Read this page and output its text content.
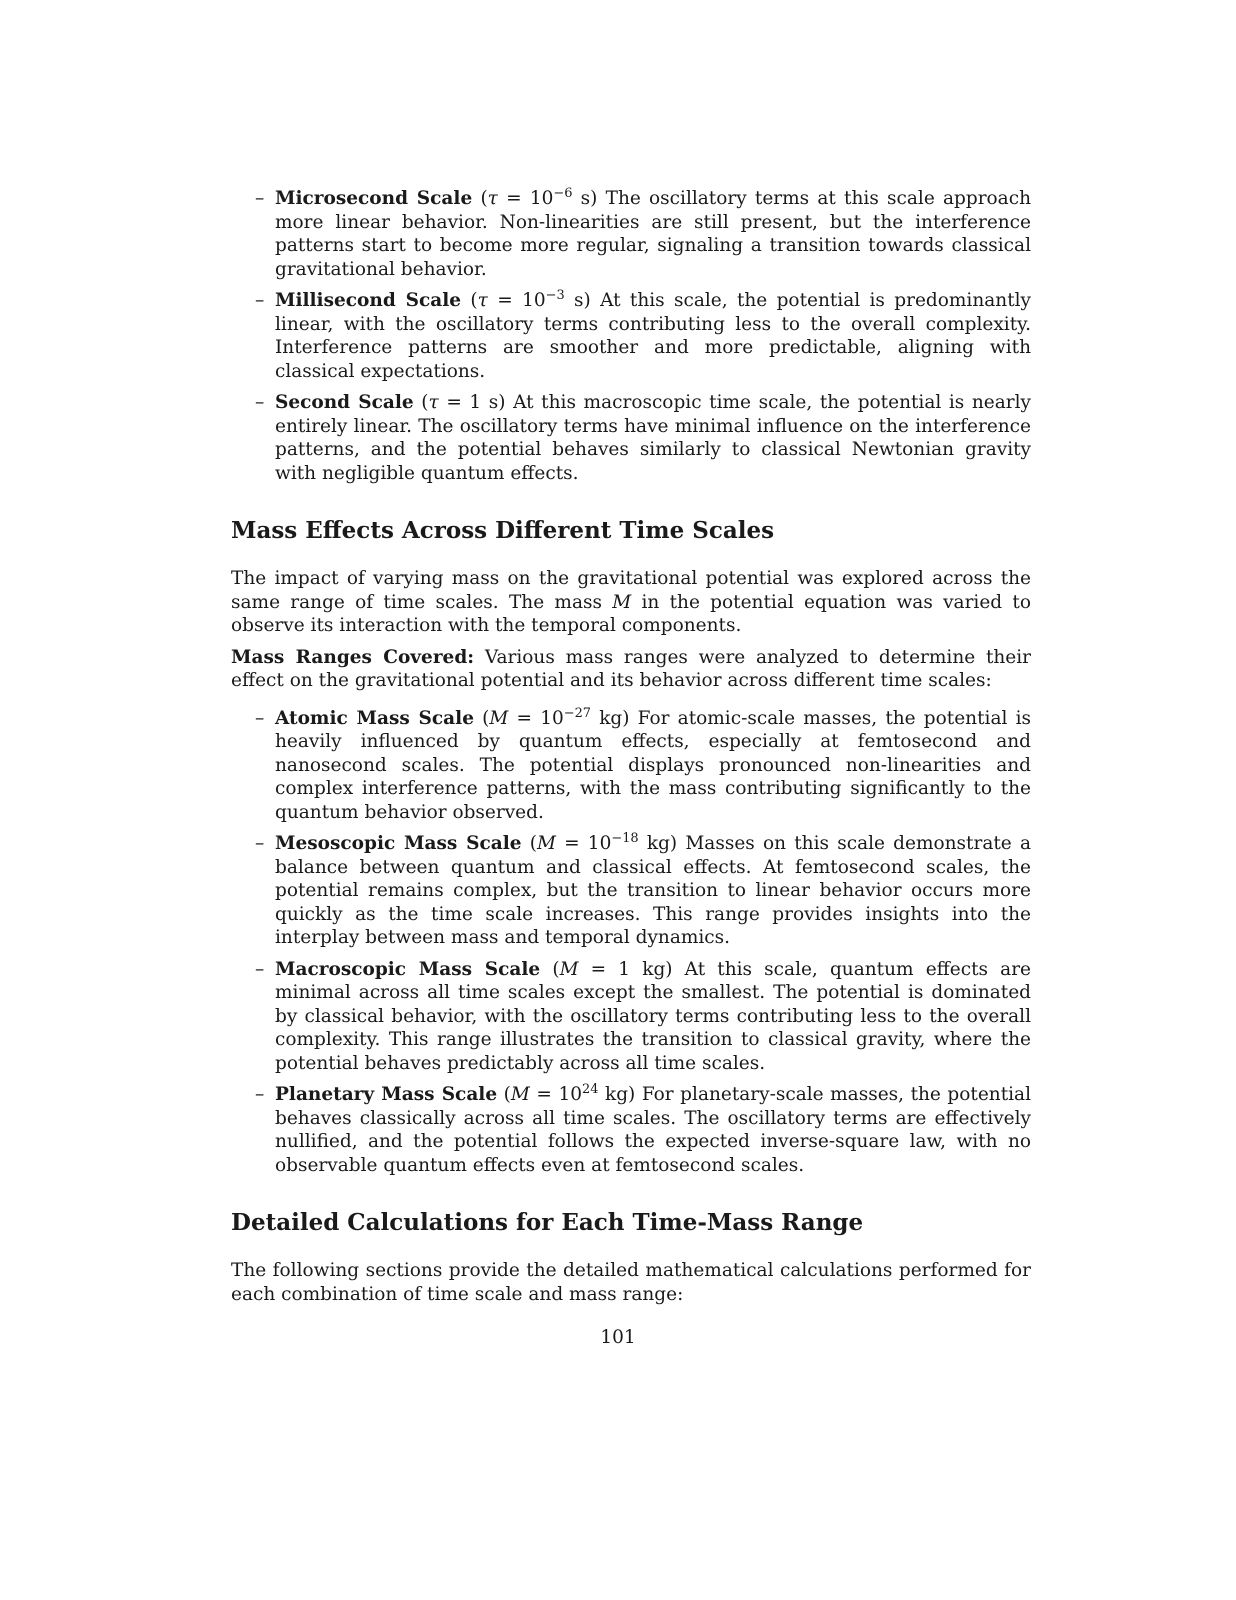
– Microsecond Scale ($\tau = 10^{-6}$ s) The oscillatory terms at this scale approach more linear behavior. Non-linearities are still present, but the interference patterns start to become more regular, signaling a transition towards classical gravitational behavior.
– Millisecond Scale ($\tau = 10^{-3}$ s) At this scale, the potential is predominantly linear, with the oscillatory terms contributing less to the overall complexity. Interference patterns are smoother and more predictable, aligning with classical expectations.
– Second Scale (τ = 1 s) At this macroscopic time scale, the potential is nearly entirely linear. The oscillatory terms have minimal influence on the interference patterns, and the potential behaves similarly to classical Newtonian gravity with negligible quantum effects.
Mass Effects Across Different Time Scales

The impact of varying mass on the gravitational potential was explored across the same range of time scales. The mass M in the potential equation was varied to observe its interaction with the temporal components.

Mass Ranges Covered: Various mass ranges were analyzed to determine their effect on the gravitational potential and its behavior across different time scales:

– Atomic Mass Scale ($M = 10^{-27}$ kg) For atomic-scale masses, the potential is heavily influenced by quantum effects, especially at femtosecond and nanosecond scales. The potential displays pronounced non-linearities and complex interference patterns, with the mass contributing significantly to the quantum behavior observed.
– Mesoscopic Mass Scale ($M = 10^{-18}$ kg) Masses on this scale demonstrate a balance between quantum and classical effects. At femtosecond scales, the potential remains complex, but the transition to linear behavior occurs more quickly as the time scale increases. This range provides insights into the interplay between mass and temporal dynamics.
– Macroscopic Mass Scale (M = 1 kg) At this scale, quantum effects are minimal across all time scales except the smallest. The potential is dominated by classical behavior, with the oscillatory terms contributing less to the overall complexity. This range illustrates the transition to classical gravity, where the potential behaves predictably across all time scales.
– Planetary Mass Scale ($M = 10^{24}$ kg) For planetary-scale masses, the potential behaves classically across all time scales. The oscillatory terms are effectively nullified, and the potential follows the expected inverse-square law, with no observable quantum effects even at femtosecond scales.
Detailed Calculations for Each Time-Mass Range

The following sections provide the detailed mathematical calculations performed for each combination of time scale and mass range:

101
